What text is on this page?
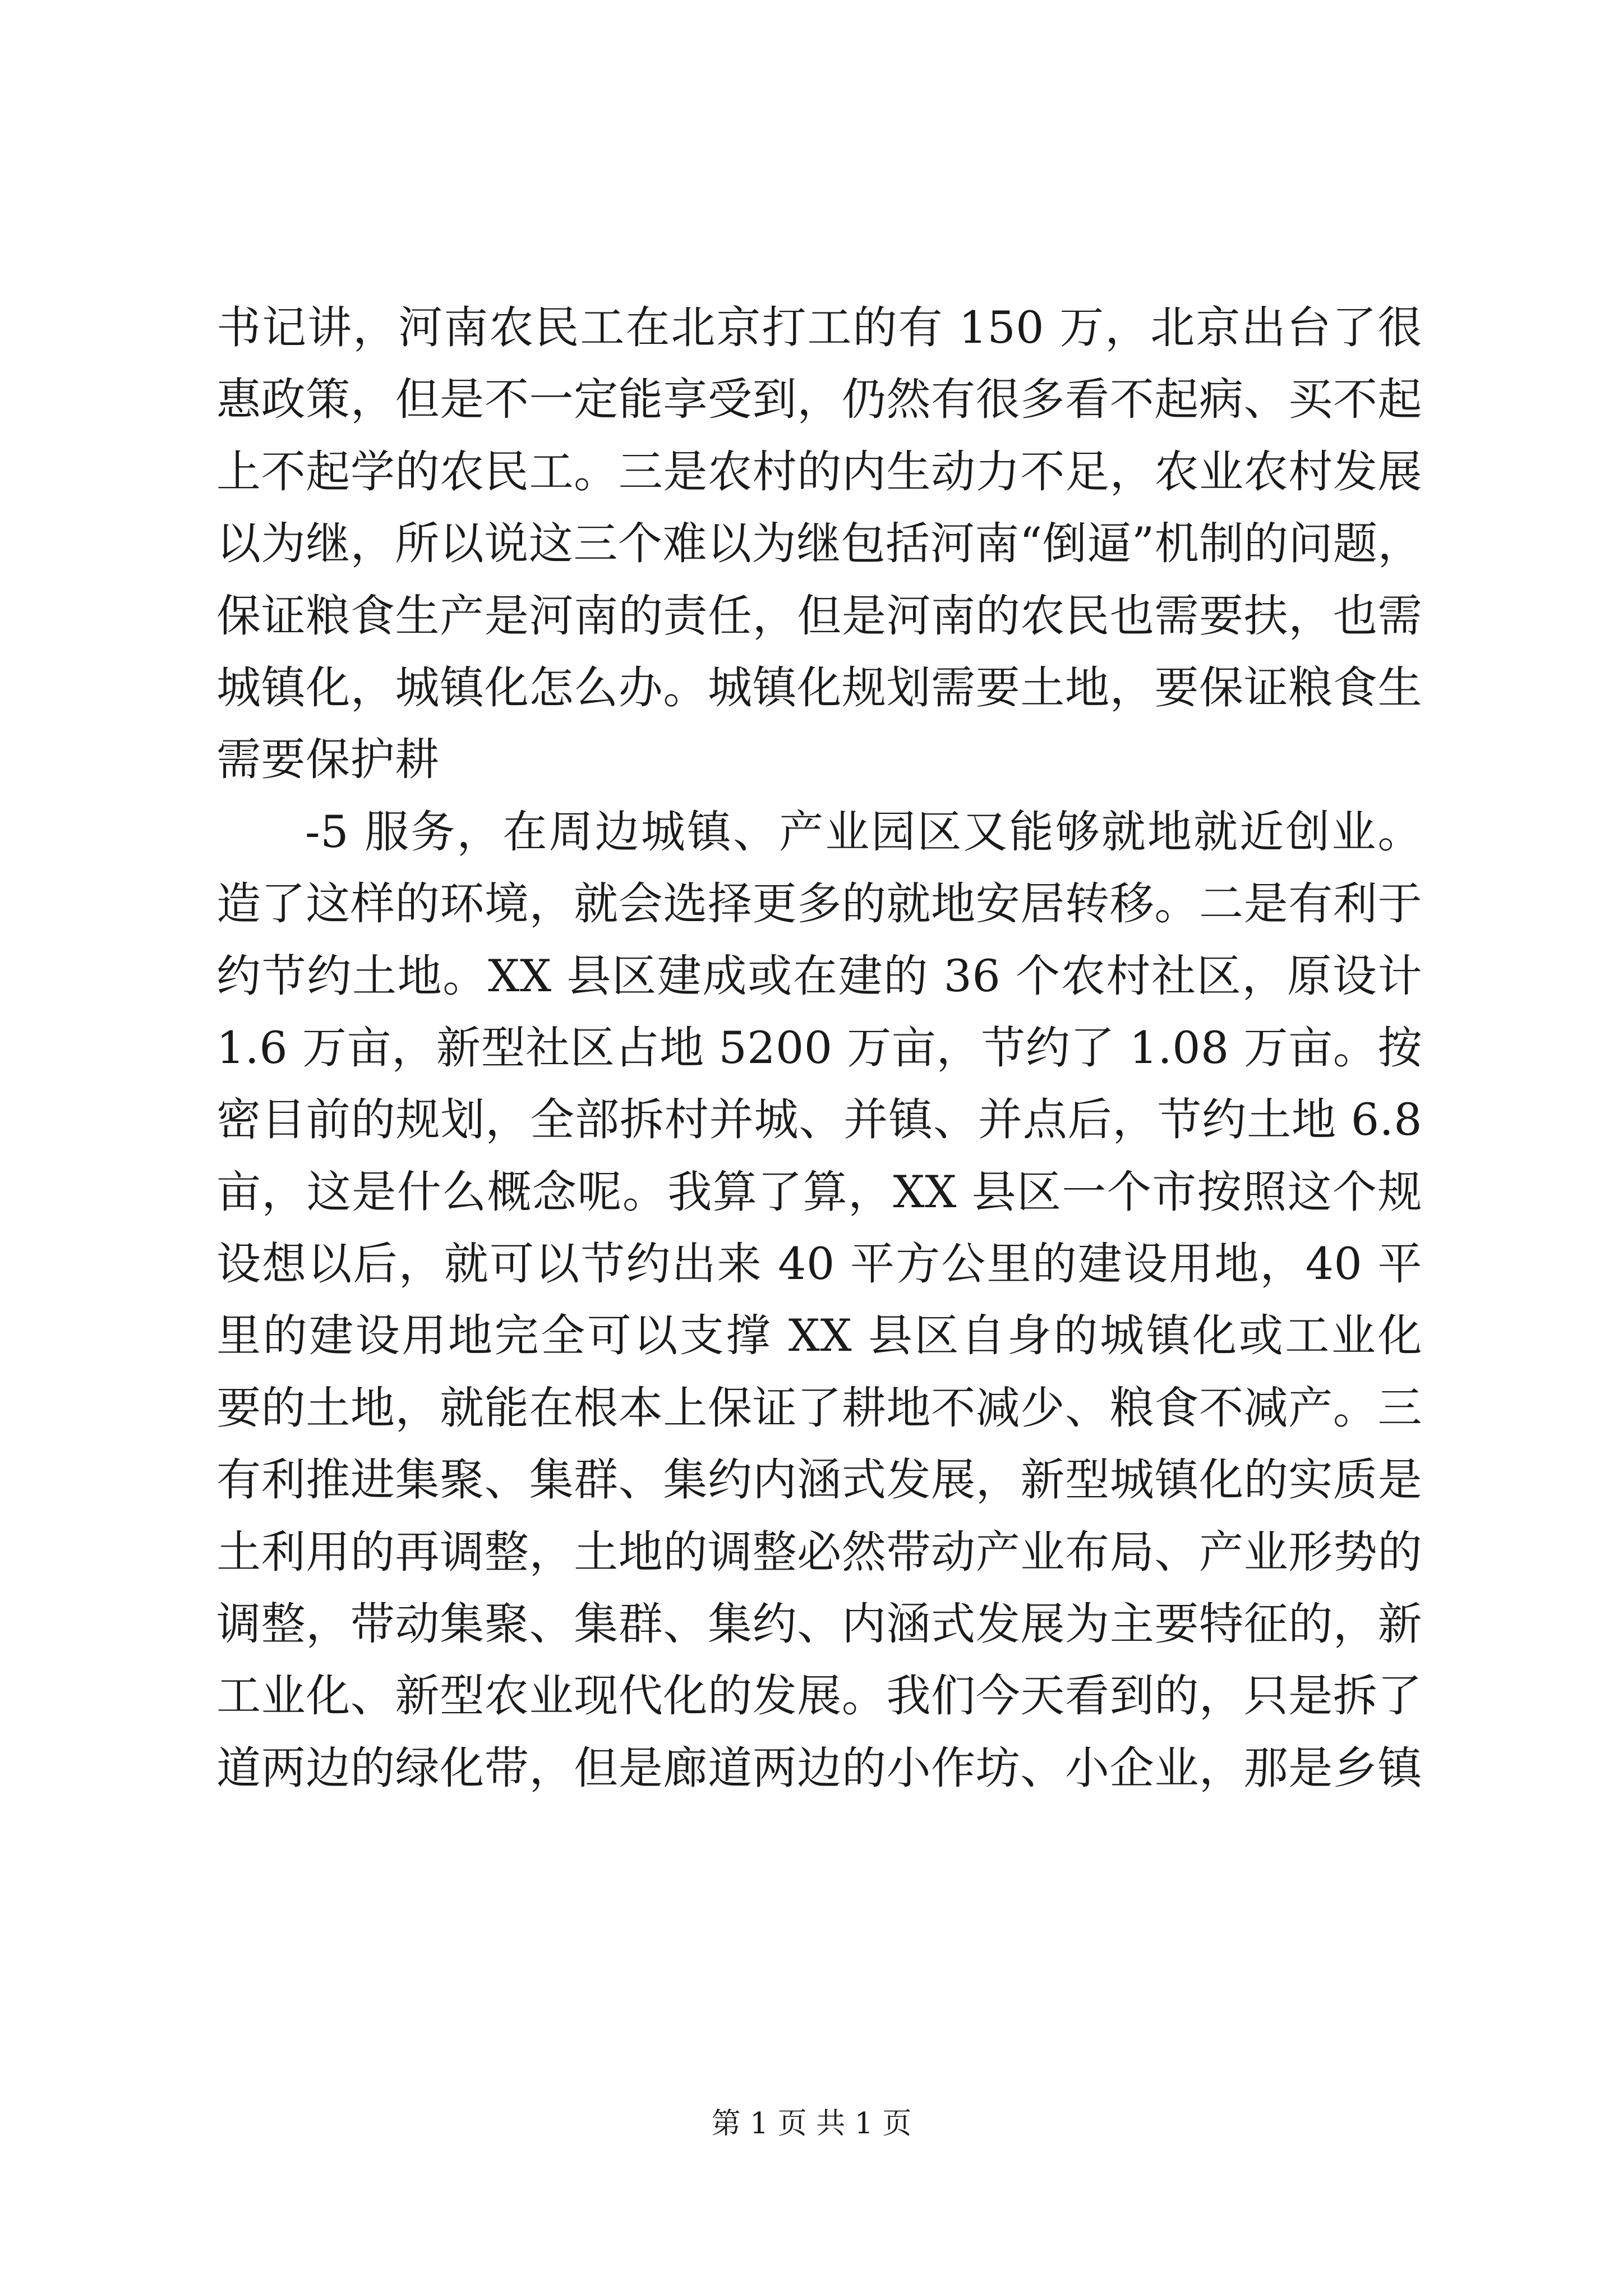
书记讲，河南农民工在北京打工的有 150 万，北京出台了很
惠政策，但是不一定能享受到，仍然有很多看不起病、买不起
上不起学的农民工。三是农村的内生动力不足，农业农村发展
以为继，所以说这三个难以为继包括河南“倒逼”机制的问题，
保证粮食生产是河南的责任，但是河南的农民也需要扶，也需
城镇化，城镇化怎么办。城镇化规划需要土地，要保证粮食生
需要保护耕
-5 服务，在周边城镇、产业园区又能够就地就近创业。
造了这样的环境，就会选择更多的就地安居转移。二是有利于
约节约土地。XX 县区建成或在建的 36 个农村社区，原设计
1.6 万亩，新型社区占地 5200 万亩，节约了 1.08 万亩。按
密目前的规划，全部拆村并城、并镇、并点后，节约土地 6.8
亩，这是什么概念呢。我算了算，XX 县区一个市按照这个规
设想以后，就可以节约出来 40 平方公里的建设用地，40 平
里的建设用地完全可以支撑 XX 县区自身的城镇化或工业化
要的土地，就能在根本上保证了耕地不减少、粮食不减产。三
有利推进集聚、集群、集约内涵式发展，新型城镇化的实质是
土利用的再调整，土地的调整必然带动产业布局、产业形势的
调整，带动集聚、集群、集约、内涵式发展为主要特征的，新
工业化、新型农业现代化的发展。我们今天看到的，只是拆了
道两边的绿化带，但是廊道两边的小作坊、小企业，那是乡镇
第 1 页 共 1 页
